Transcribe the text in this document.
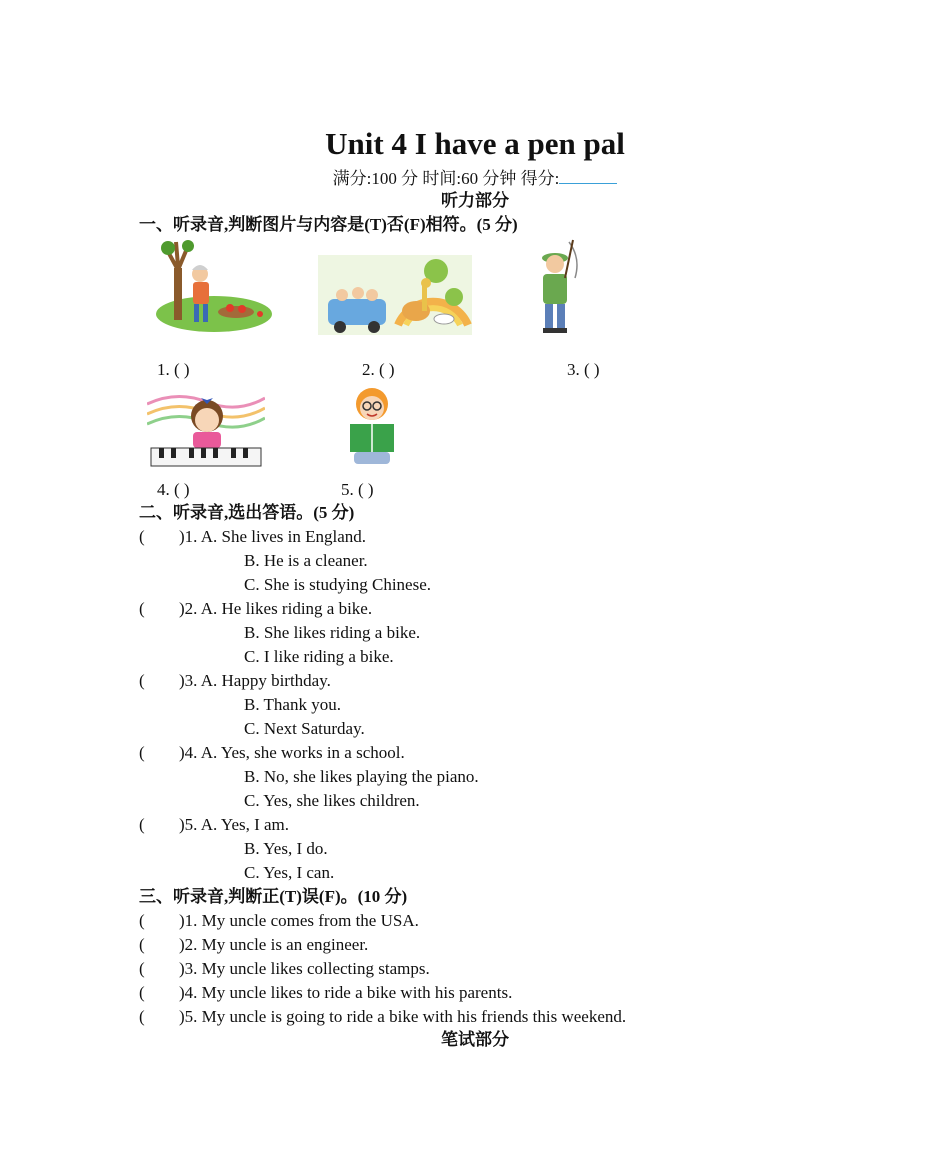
Unit 4 I have a pen pal
满分:100 分 时间:60 分钟 得分:
听力部分
一、听录音,判断图片与内容是(T)否(F)相符。(5 分)
1. ( )	2. ( )	3. ( )
4. ( )	5. ( )
二、听录音,选出答语。(5 分)
( )1. A. She lives in England.
B. He is a cleaner.
C. She is studying Chinese.
( )2. A. He likes riding a bike.
B. She likes riding a bike.
C. I like riding a bike.
( )3. A. Happy birthday.
B. Thank you.
C. Next Saturday.
( )4. A. Yes, she works in a school.
B. No, she likes playing the piano.
C. Yes, she likes children.
( )5. A. Yes, I am.
B. Yes, I do.
C. Yes, I can.
三、听录音,判断正(T)误(F)。(10 分)
( )1. My uncle comes from the USA.
( )2. My uncle is an engineer.
( )3. My uncle likes collecting stamps.
( )4. My uncle likes to ride a bike with his parents.
( )5. My uncle is going to ride a bike with his friends this weekend.
笔试部分
